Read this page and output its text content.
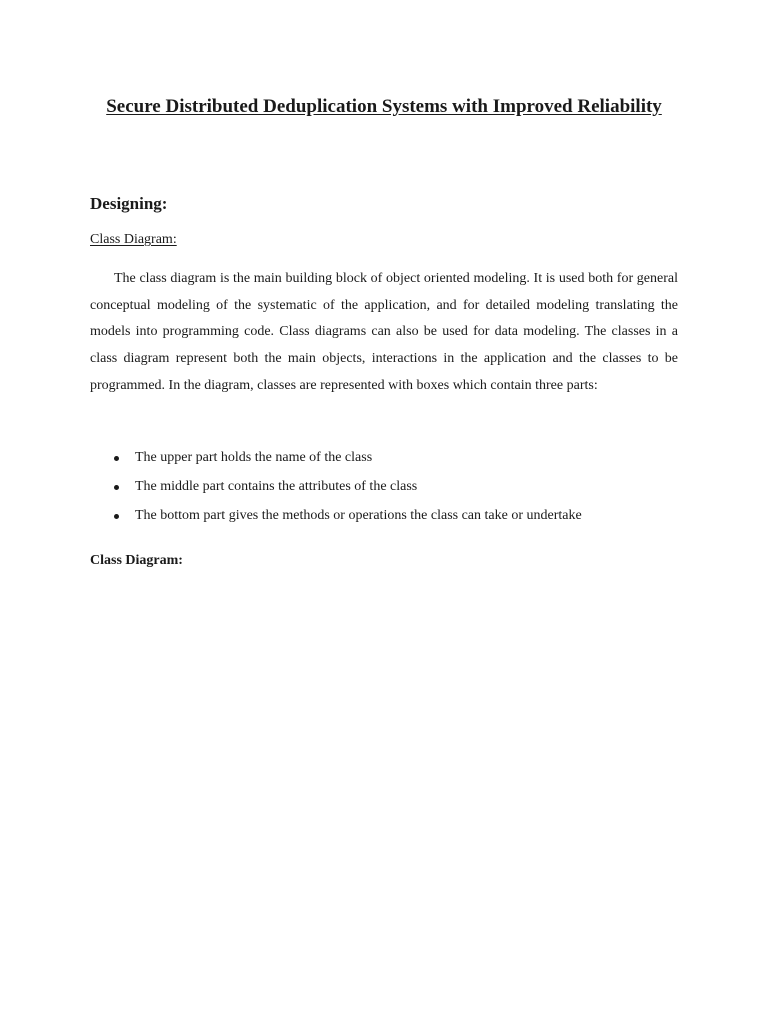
Secure Distributed Deduplication Systems with Improved Reliability
Designing:
Class Diagram:

The class diagram is the main building block of object oriented modeling. It is used both for general conceptual modeling of the systematic of the application, and for detailed modeling translating the models into programming code. Class diagrams can also be used for data modeling. The classes in a class diagram represent both the main objects, interactions in the application and the classes to be programmed. In the diagram, classes are represented with boxes which contain three parts:

The upper part holds the name of the class
The middle part contains the attributes of the class
The bottom part gives the methods or operations the class can take or undertake
Class Diagram:
